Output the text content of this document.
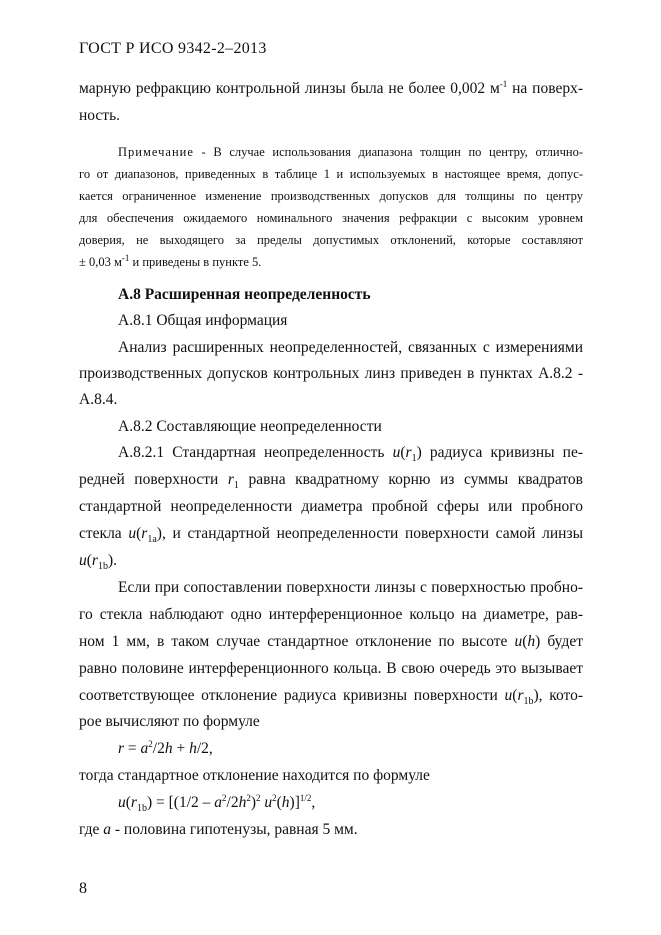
ГОСТ Р ИСО 9342-2–2013
марную рефракцию контрольной линзы была не более 0,002 $м^{-1}$ на поверх-
ность.
Примечание - В случае использования диапазона толщин по центру, отлично-
го от диапазонов, приведенных в таблице 1 и используемых в настоящее время, допус-
кается ограниченное изменение производственных допусков для толщины по центру
для обеспечения ожидаемого номинального значения рефракции с высоким уровнем
доверия, не выходящего за пределы допустимых отклонений, которые составляют
± 0,03 $м^{-1}$ и приведены в пункте 5.
А.8 Расширенная неопределенность
А.8.1 Общая информация
Анализ расширенных неопределенностей, связанных с измерениями
производственных допусков контрольных линз приведен в пунктах А.8.2 -
А.8.4.
А.8.2 Составляющие неопределенности
А.8.2.1 Стандартная неопределенность $u(r_1)$ радиуса кривизны пе-
редней поверхности $r_1$ равна квадратному корню из суммы квадратов
стандартной неопределенности диаметра пробной сферы или пробного
стекла $u(r_{1a})$, и стандартной неопределенности поверхности самой линзы
$u(r_{1b})$.
Если при сопоставлении поверхности линзы с поверхностью пробно-
го стекла наблюдают одно интерференционное кольцо на диаметре, рав-
ном 1 мм, в таком случае стандартное отклонение по высоте u(h) будет
равно половине интерференционного кольца. В свою очередь это вызывает
соответствующее отклонение радиуса кривизны поверхности $u(r_{1b})$, кото-
рое вычисляют по формуле
$r = a^2/2h + h/2$,
тогда стандартное отклонение находится по формуле
$u(r_{1b}) = [(1/2 - a^2/2h^2)^2$ $u^2(h)]^{1/2}$,
где a - половина гипотенузы, равная 5 мм.
8
